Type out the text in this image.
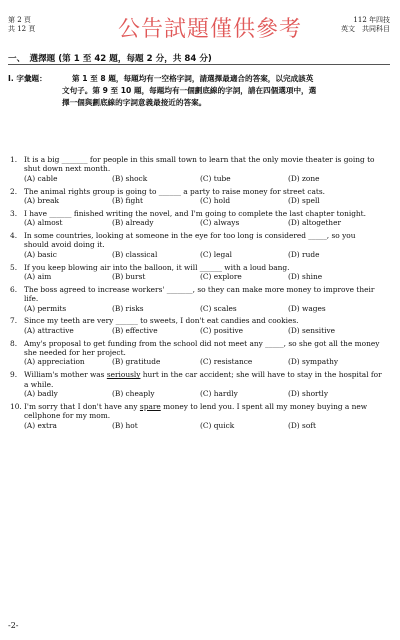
第 2 頁
共 12 頁	公告試題僅供參考	112 年四技
英文　共同科目
一、　選擇題 (第 1 至 42 題，每題 2 分，共 84 分)
I. 字彙題：	第 1 至 8 題，每題均有一空格字詞，請選擇最適合的答案，以完成該英
文句子。第 9 至 10 題，每題均有一個劃底線的字詞，請在四個選項中，選
擇一個與劃底線的字詞意義最接近的答案。
1. It is a big _______ for people in this small town to learn that the only movie theater is going to shut down next month.
(A) cable	(B) shock	(C) tube	(D) zone
2. The animal rights group is going to ______ a party to raise money for street cats.
(A) break	(B) fight	(C) hold	(D) spell
3. I have ______ finished writing the novel, and I'm going to complete the last chapter tonight.
(A) almost	(B) already	(C) always	(D) altogether
4. In some countries, looking at someone in the eye for too long is considered _____, so you should avoid doing it.
(A) basic	(B) classical	(C) legal	(D) rude
5. If you keep blowing air into the balloon, it will ______ with a loud bang.
(A) aim	(B) burst	(C) explore	(D) shine
6. The boss agreed to increase workers' _______, so they can make more money to improve their life.
(A) permits	(B) risks	(C) scales	(D) wages
7. Since my teeth are very ______ to sweets, I don't eat candies and cookies.
(A) attractive	(B) effective	(C) positive	(D) sensitive
8. Amy's proposal to get funding from the school did not meet any _____, so she got all the money she needed for her project.
(A) appreciation	(B) gratitude	(C) resistance	(D) sympathy
9. William's mother was seriously hurt in the car accident; she will have to stay in the hospital for a while.
(A) badly	(B) cheaply	(C) hardly	(D) shortly
10. I'm sorry that I don't have any spare money to lend you. I spent all my money buying a new cellphone for my mom.
(A) extra	(B) hot	(C) quick	(D) soft
-2-
